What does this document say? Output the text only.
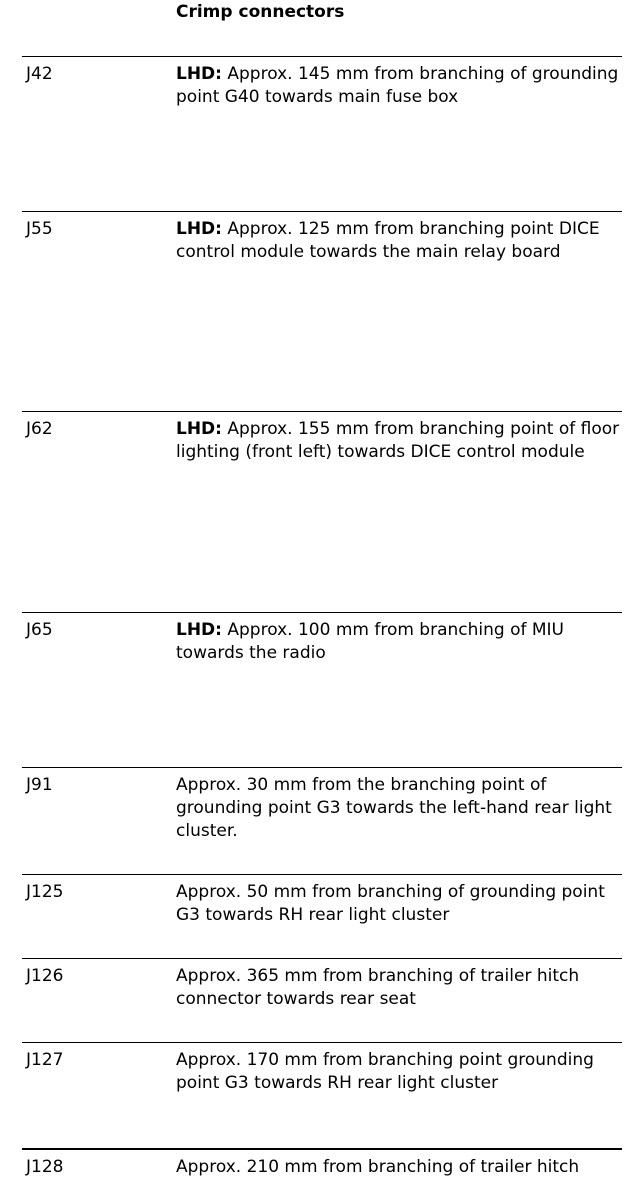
Crimp connectors
J42	LHD: Approx. 145 mm from branching of grounding point G40 towards main fuse box
J55	LHD: Approx. 125 mm from branching point DICE control module towards the main relay board
J62	LHD: Approx. 155 mm from branching point of floor lighting (front left) towards DICE control module
J65	LHD: Approx. 100 mm from branching of MIU towards the radio
J91	Approx. 30 mm from the branching point of grounding point G3 towards the left-hand rear light cluster.
J125	Approx. 50 mm from branching of grounding point G3 towards RH rear light cluster
J126	Approx. 365 mm from branching of trailer hitch connector towards rear seat
J127	Approx. 170 mm from branching point grounding point G3 towards RH rear light cluster
J128	Approx. 210 mm from branching of trailer hitch
